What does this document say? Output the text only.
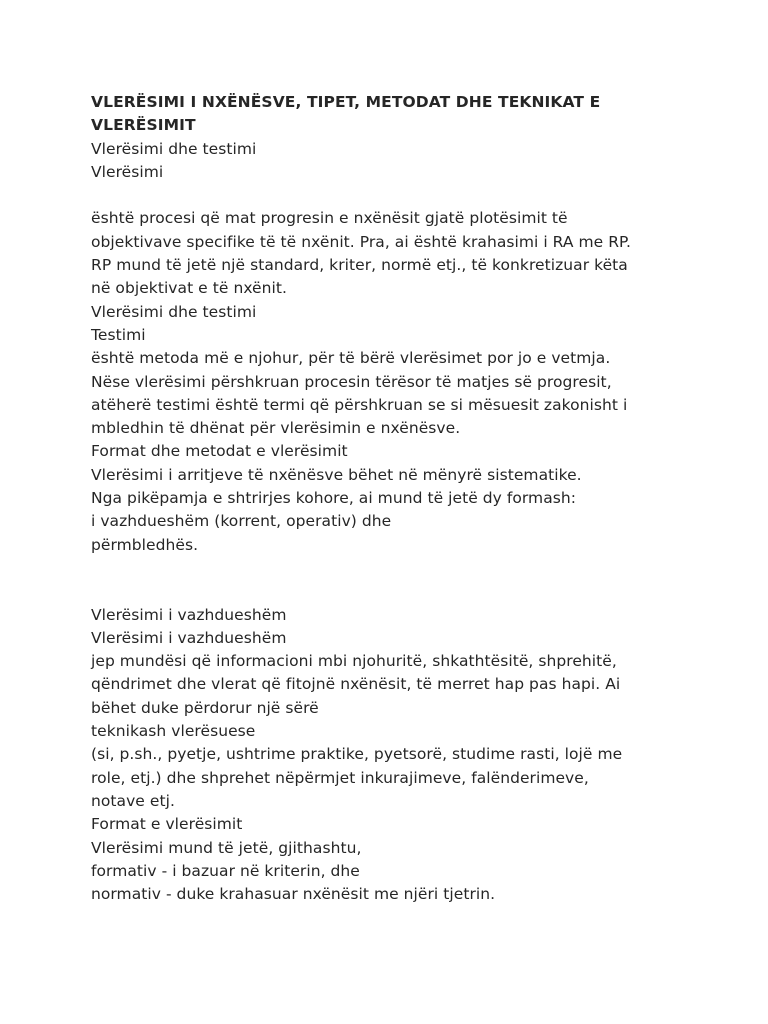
VLERËSIMI I NXËNËSVE, TIPET, METODAT DHE TEKNIKAT E
VLERËSIMIT
Vlerësimi dhe testimi
Vlerësimi
është procesi që mat progresin e nxënësit gjatë plotësimit të
objektivave specifike të të nxënit. Pra, ai është krahasimi i RA me RP.
RP mund të jetë një standard, kriter, normë etj., të konkretizuar këta
në objektivat e të nxënit.
Vlerësimi dhe testimi
Testimi
është metoda më e njohur, për të bërë vlerësimet por jo e vetmja.
Nëse vlerësimi përshkruan procesin tërësor të matjes së progresit,
atëherë testimi është termi që përshkruan se si mësuesit zakonisht i
mbledhin të dhënat për vlerësimin e nxënësve.
Format dhe metodat e vlerësimit
Vlerësimi i arritjeve të nxënësve bëhet në mënyrë sistematike.
Nga pikëpamja e shtrirjes kohore, ai mund të jetë dy formash:
i vazhdueshëm (korrent, operativ) dhe
përmbledhës.
Vlerësimi i vazhdueshëm
Vlerësimi i vazhdueshëm
jep mundësi që informacioni mbi njohuritë, shkathtësitë, shprehitë,
qëndrimet dhe vlerat që fitojnë nxënësit, të merret hap pas hapi. Ai
bëhet duke përdorur një sërë
teknikash vlerësuese
(si, p.sh., pyetje, ushtrime praktike, pyetsorë, studime rasti, lojë me
role, etj.) dhe shprehet nëpërmjet inkurajimeve, falënderimeve,
notave etj.
Format e vlerësimit
Vlerësimi mund të jetë, gjithashtu,
formativ - i bazuar në kriterin, dhe
normativ - duke krahasuar nxënësit me njëri tjetrin.
